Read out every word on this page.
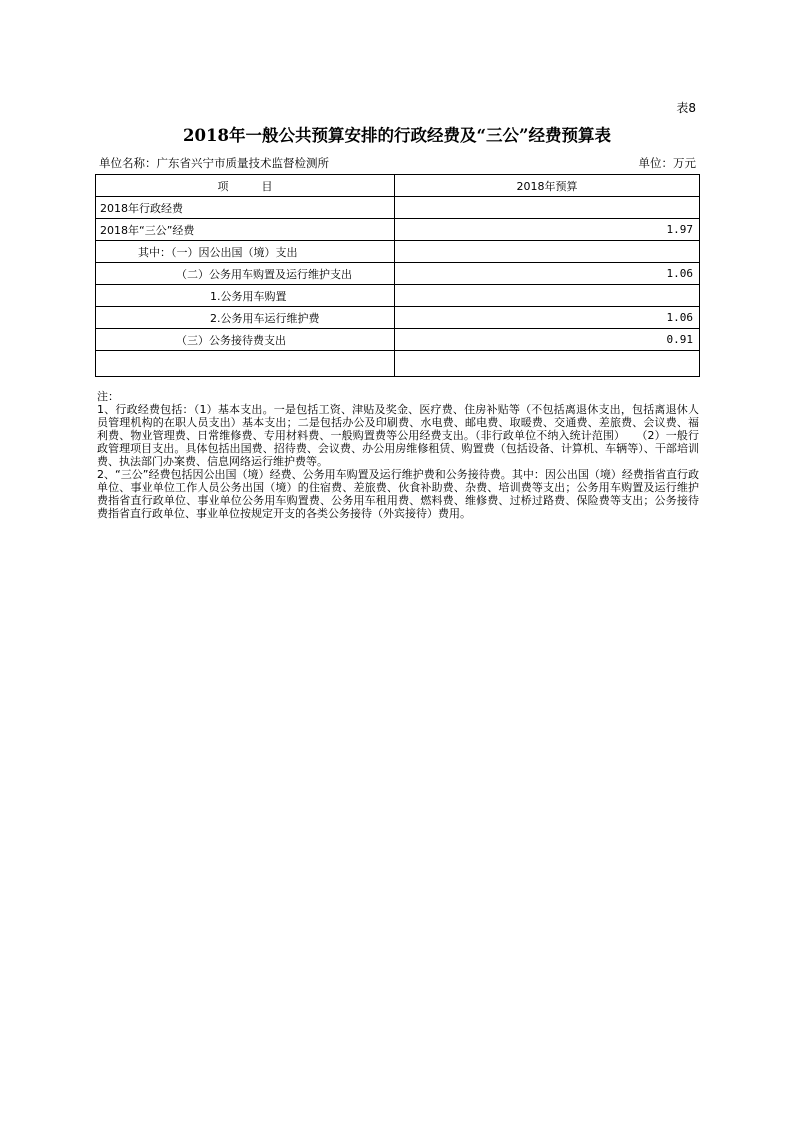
表8
2018年一般公共预算安排的行政经费及“三公”经费预算表
单位名称：广东省兴宁市质量技术监督检测所	单位：万元
项　　　目	2018年预算
2018年行政经费	
2018年“三公”经费	1.97
其中：（一）因公出国（境）支出	
（二）公务用车购置及运行维护支出	1.06
1.公务用车购置	
2.公务用车运行维护费	1.06
（三）公务接待费支出	0.91

注：

1、行政经费包括：（1）基本支出。一是包括工资、津贴及奖金、医疗费、住房补贴等（不包括离退休支出，包括离退休人员管理机构的在职人员支出）基本支出；二是包括办公及印刷费、水电费、邮电费、取暖费、交通费、差旅费、会议费、福利费、物业管理费、日常维修费、专用材料费、一般购置费等公用经费支出。（非行政单位不纳入统计范围）　　（2）一般行政管理项目支出。具体包括出国费、招待费、会议费、办公用房维修租赁、购置费（包括设备、计算机、车辆等）、干部培训费、执法部门办案费、信息网络运行维护费等。

2、“三公”经费包括因公出国（境）经费、公务用车购置及运行维护费和公务接待费。其中：因公出国（境）经费指省直行政单位、事业单位工作人员公务出国（境）的住宿费、差旅费、伙食补助费、杂费、培训费等支出；公务用车购置及运行维护费指省直行政单位、事业单位公务用车购置费、公务用车租用费、燃料费、维修费、过桥过路费、保险费等支出；公务接待费指省直行政单位、事业单位按规定开支的各类公务接待（外宾接待）费用。
